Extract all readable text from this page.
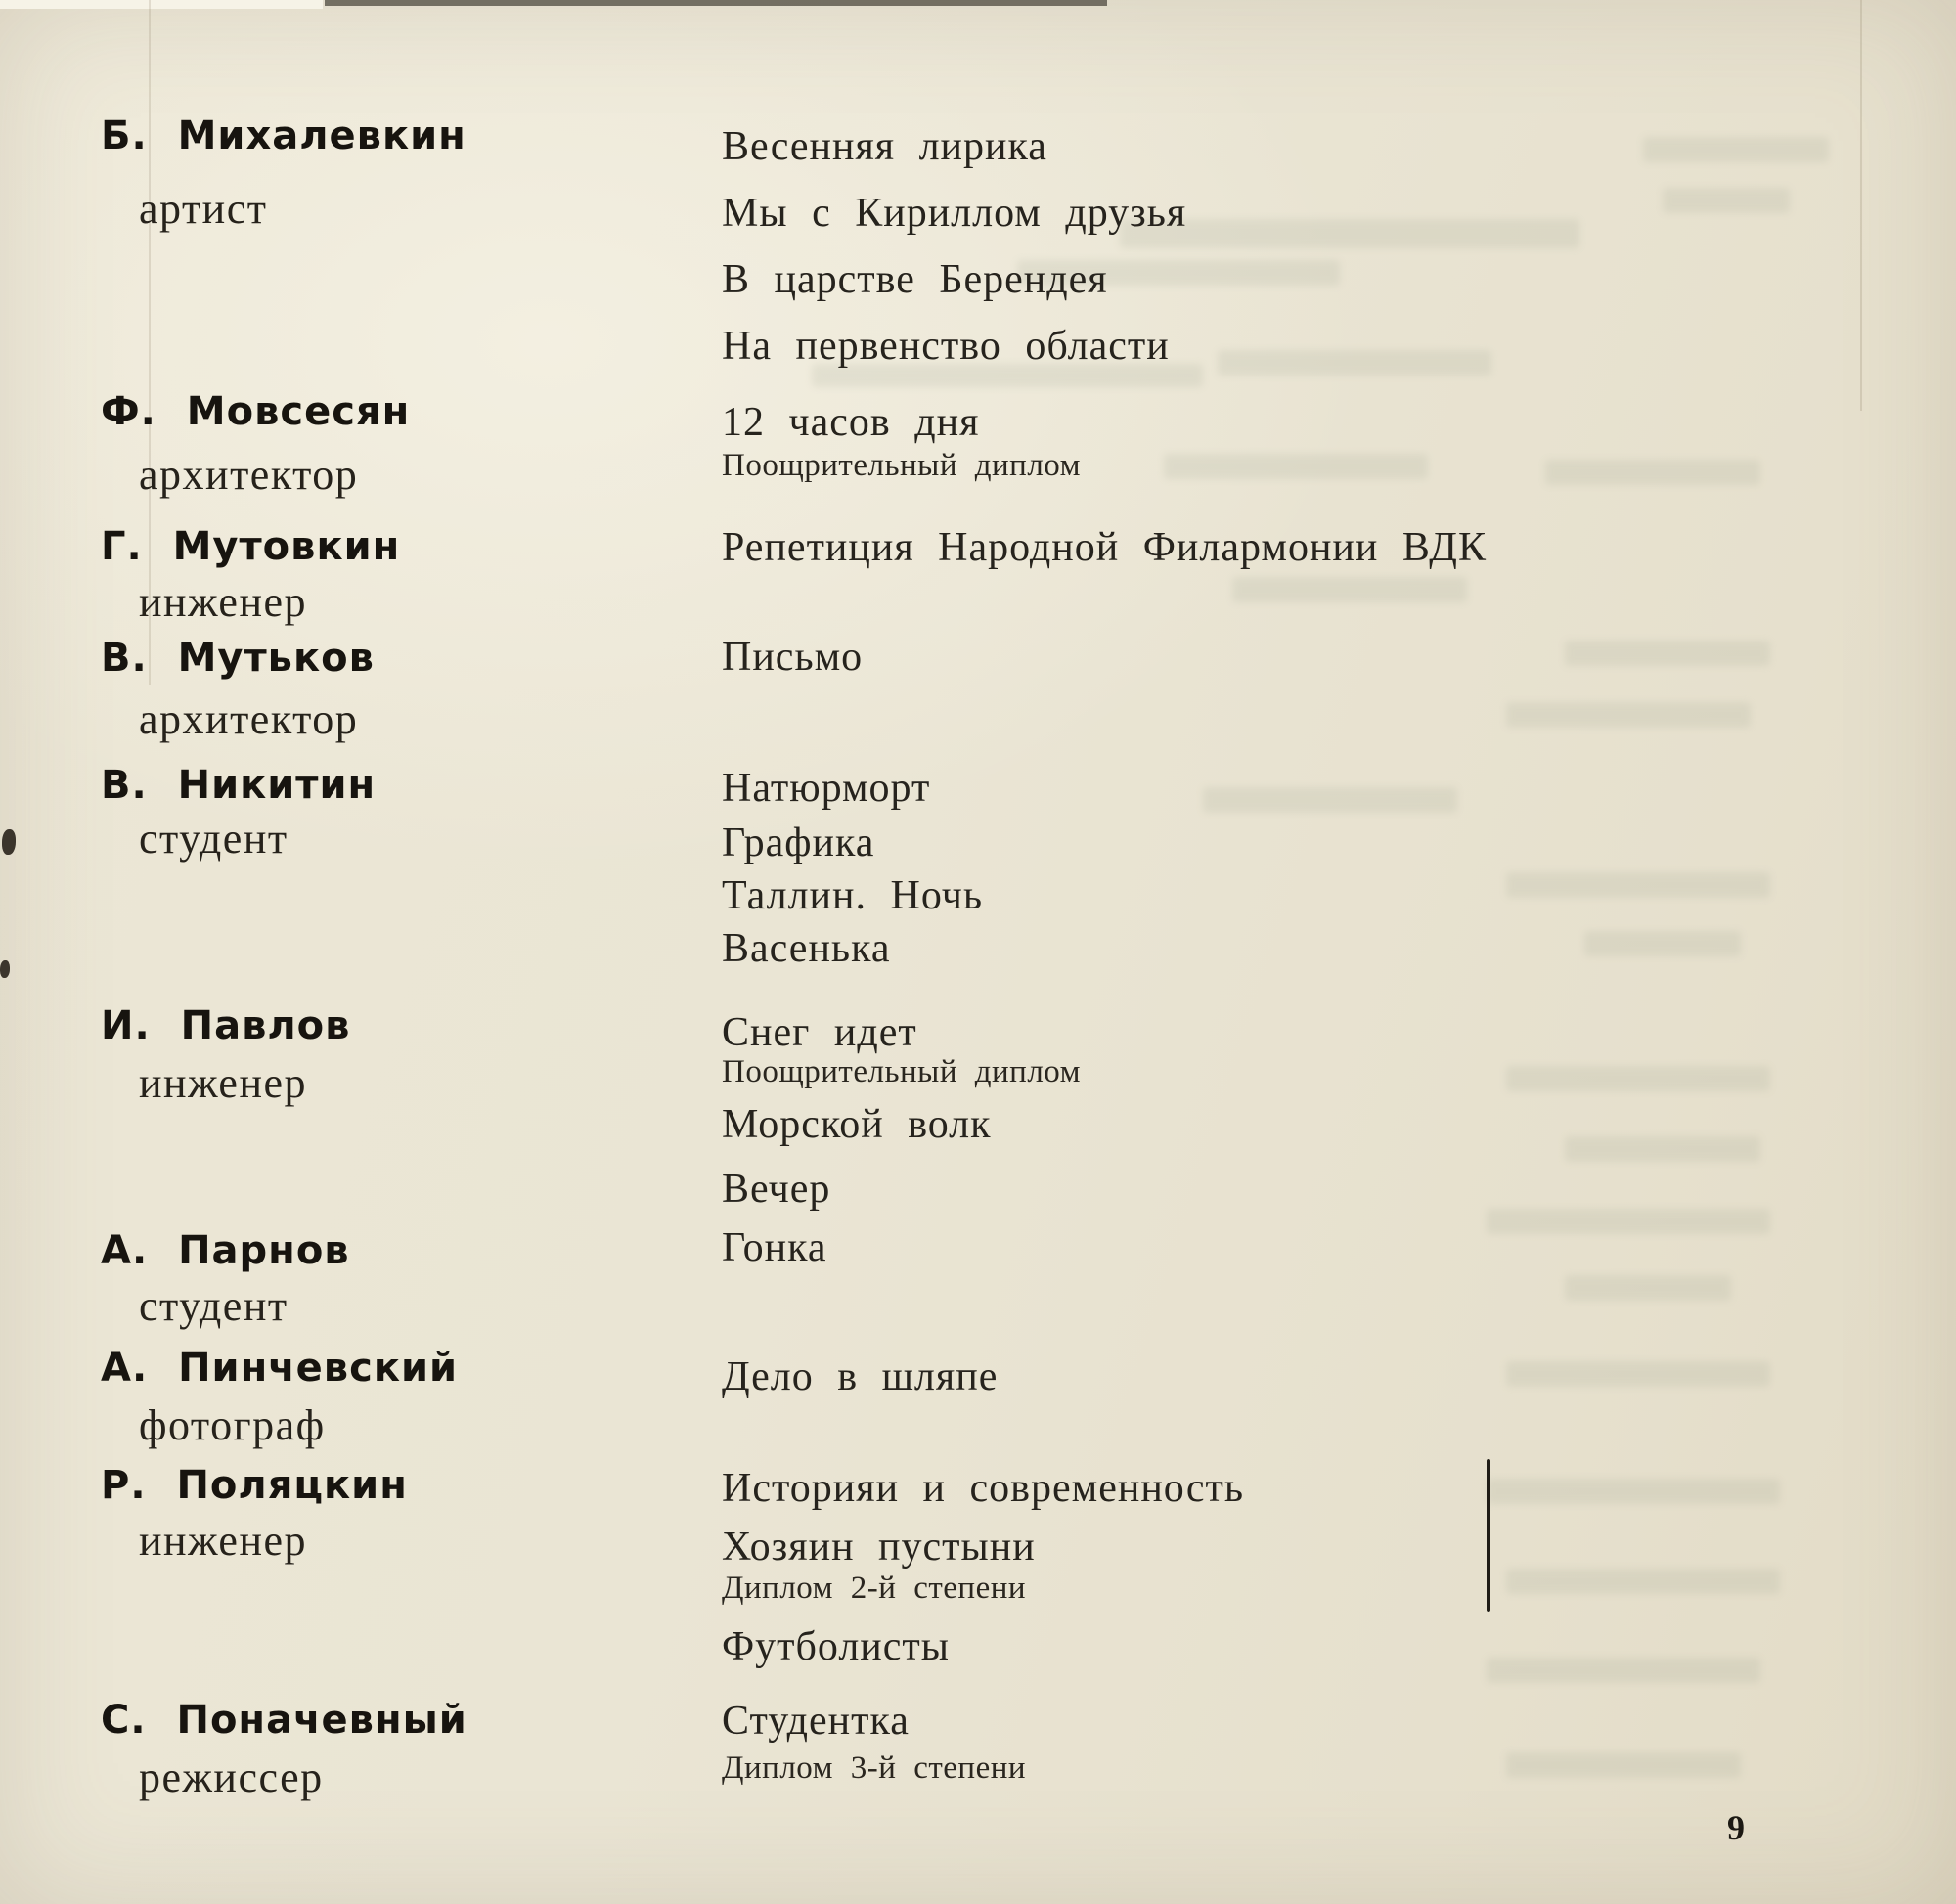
Б. Михалевкин
артист
Ф. Мовсесян
архитектор
Г. Мутовкин
инженер
В. Мутьков
архитектор
В. Никитин
студент
И. Павлов
инженер
А. Парнов
студент
А. Пинчевский
фотограф
Р. Поляцкин
инженер
С. Поначевный
режиссер
Весенняя лирика
Мы с Кириллом друзья
В царстве Берендея
На первенство области
12 часов дня
Поощрительный диплом
Репетиция Народной Филармонии ВДК
Письмо
Натюрморт
Графика
Таллин. Ночь
Васенька
Снег идет
Поощрительный диплом
Морской волк
Вечер
Гонка
Дело в шляпе
Историяи и современность
Хозяин пустыни
Диплом 2-й степени
Футболисты
Студентка
Диплом 3-й степени
9
